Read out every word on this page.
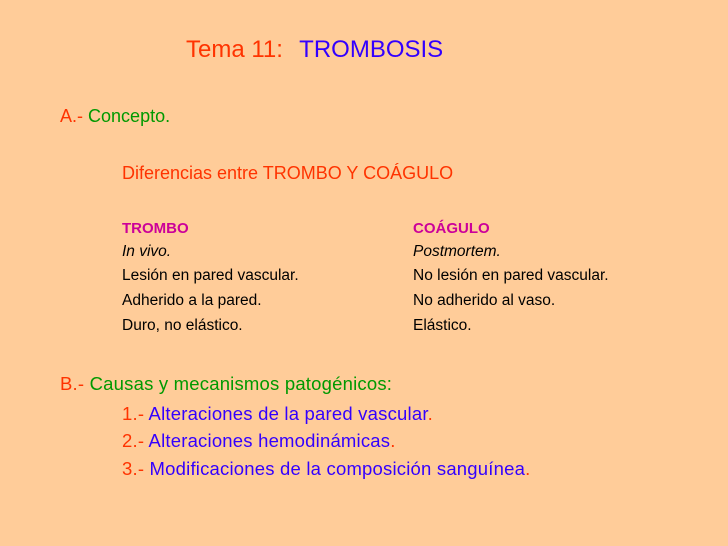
Tema 11: TROMBOSIS
A.- Concepto.
Diferencias entre TROMBO Y COÁGULO
TROMBO	COÁGULO
In vivo.	Postmortem.
Lesión en pared vascular.	No lesión en pared vascular.
Adherido a la pared.	No adherido al vaso.
Duro, no elástico.	Elástico.
B.- Causas y mecanismos patogénicos:
1.- Alteraciones de la pared vascular.
2.- Alteraciones hemodinámicas.
3.- Modificaciones de la composición sanguínea.
